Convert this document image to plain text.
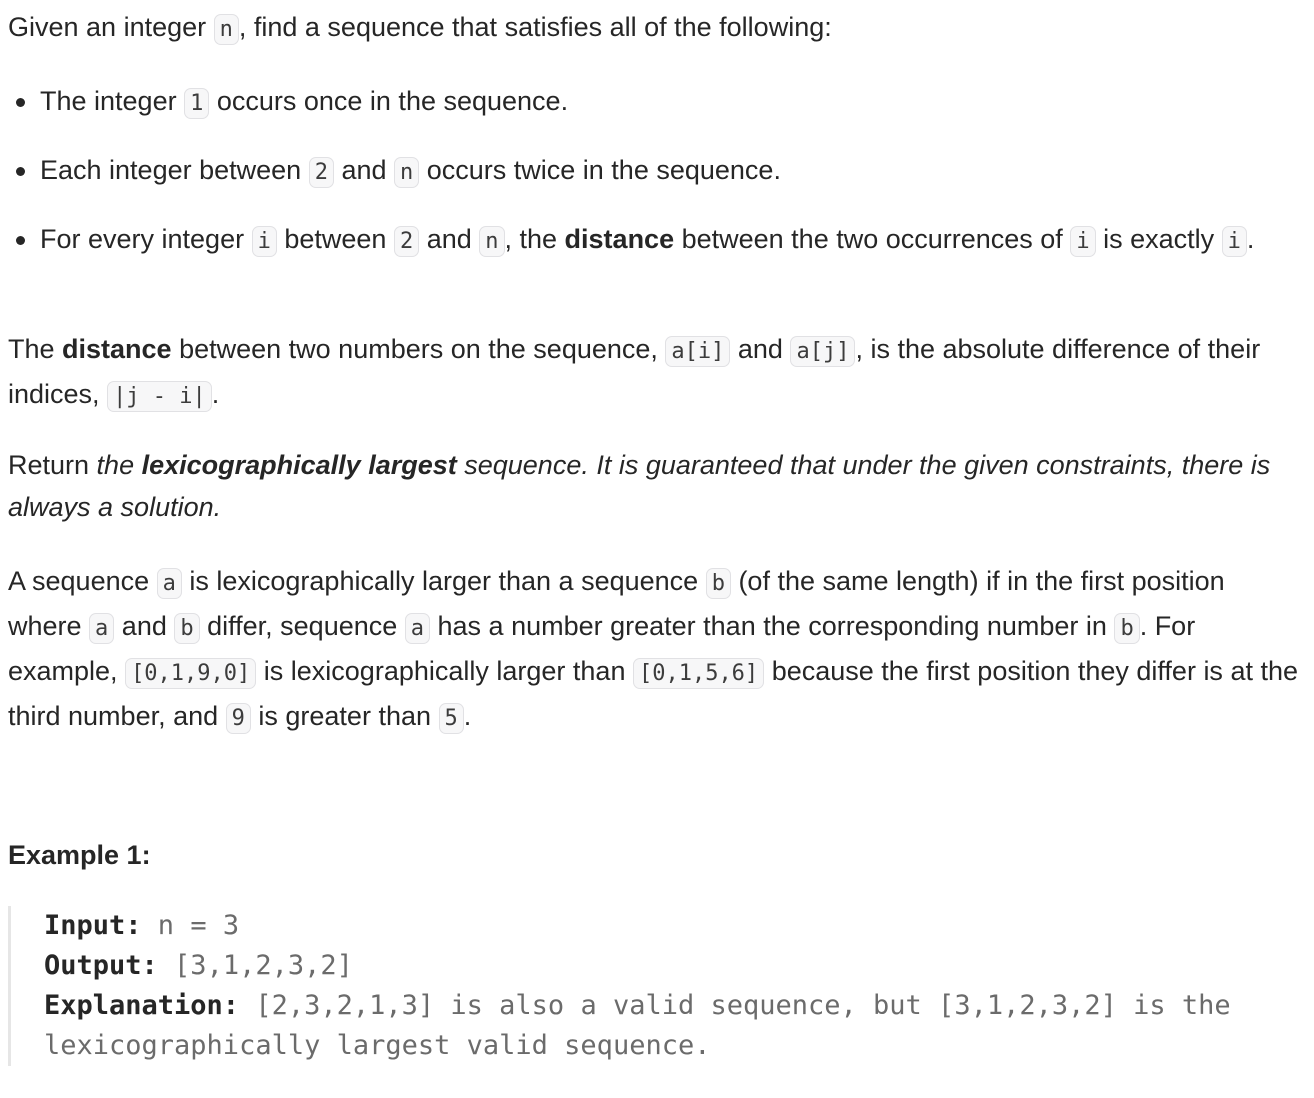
Given an integer n , find a sequence that satisfies all of the following:

The integer 1 occurs once in the sequence.
Each integer between 2 and n occurs twice in the sequence.
For every integer i between 2 and n , the distance between the two occurrences of i is exactly i .

The distance between two numbers on the sequence, a[i] and a[j] , is the absolute difference of their indices, |j - i| .

Return the lexicographically largest sequence. It is guaranteed that under the given constraints, there is always a solution.

A sequence a is lexicographically larger than a sequence b (of the same length) if in the first position where a and b differ, sequence a has a number greater than the corresponding number in b . For example, [0,1,9,0] is lexicographically larger than [0,1,5,6] because the first position they differ is at the third number, and 9 is greater than 5 .

Example 1:
Input: n = 3
Output: [3,1,2,3,2]
Explanation: [2,3,2,1,3] is also a valid sequence, but [3,1,2,3,2] is the lexicographically largest valid sequence.
